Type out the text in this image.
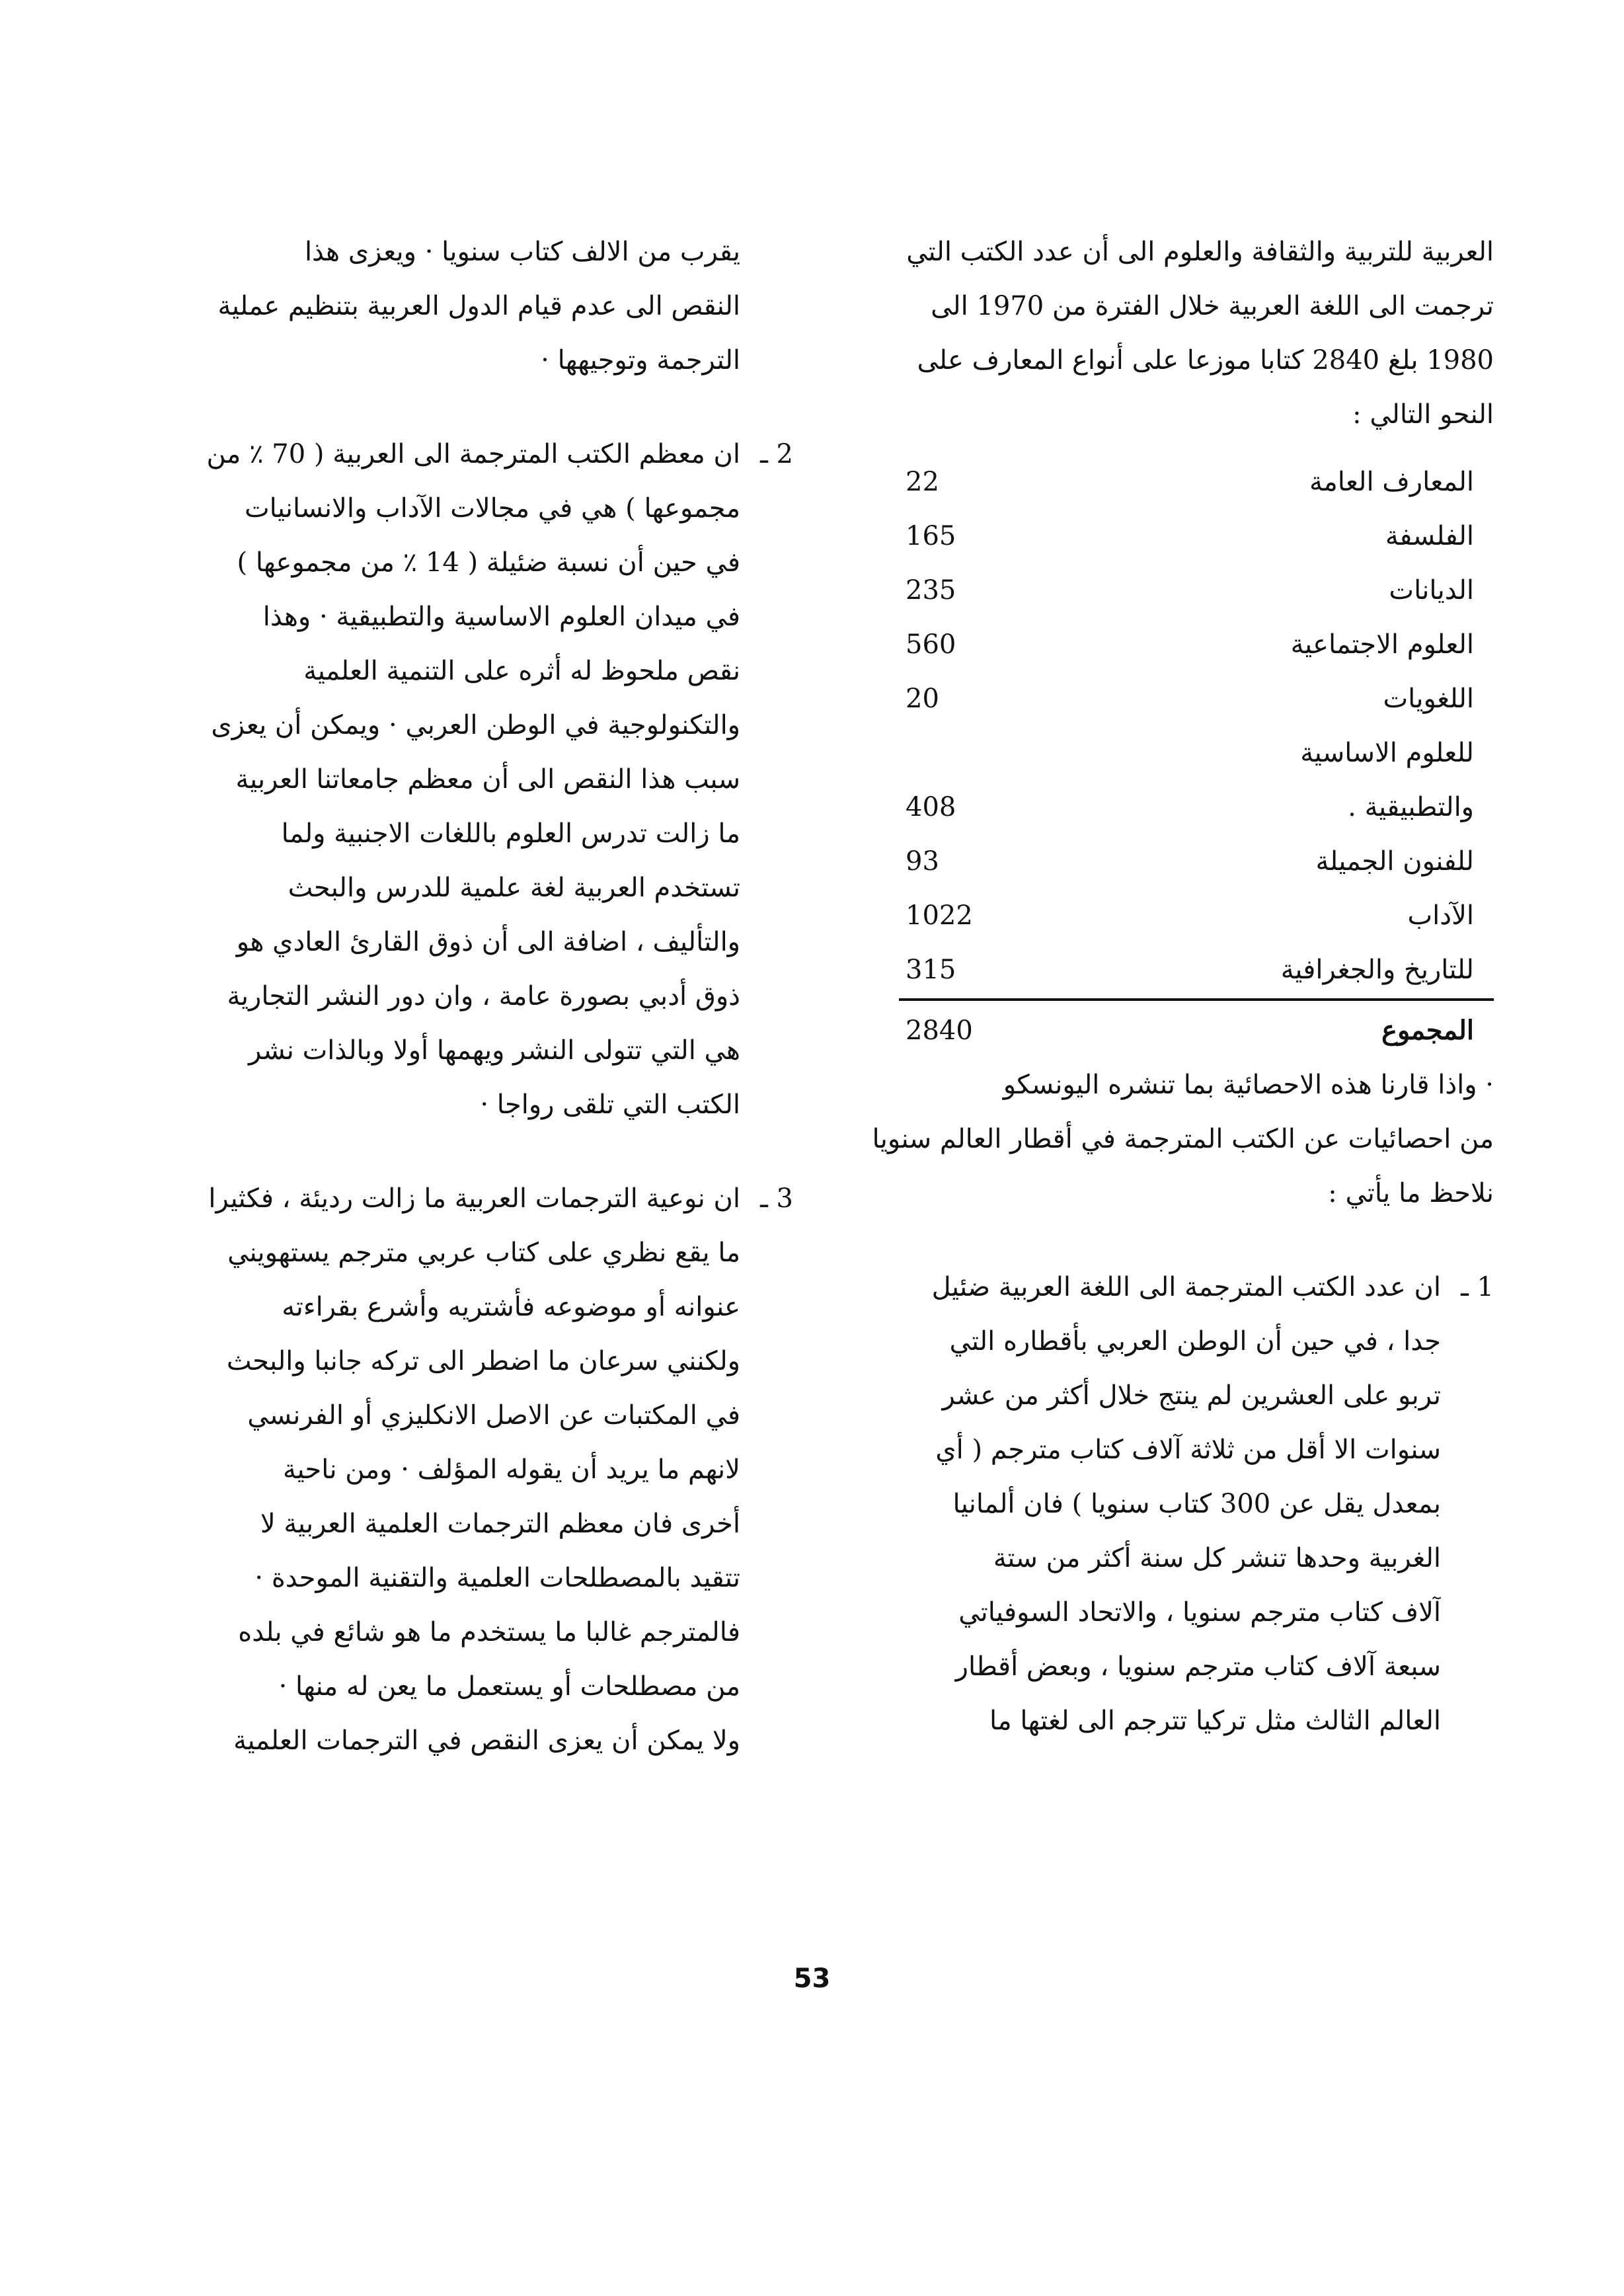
العربية للتربية والثقافة والعلوم الى أن عدد الكتب التي
ترجمت الى اللغة العربية خلال الفترة من 1970 الى
1980 بلغ 2840 كتابا موزعا على أنواع المعارف على
النحو التالي :
المعارف العامة
22
الفلسفة
165
الديانات
235
العلوم الاجتماعية
560
اللغويات
20
للعلوم الاساسية
والتطبيقية .
408
للفنون الجميلة
93
الآداب
1022
للتاريخ والجغرافية
315
المجموع
2840
· واذا قارنا هذه الاحصائية بما تنشره اليونسكو
من احصائيات عن الكتب المترجمة في أقطار العالم سنويا
نلاحظ ما يأتي :
1 ـ
ان عدد الكتب المترجمة الى اللغة العربية ضئيل
جدا ، في حين أن الوطن العربي بأقطاره التي
تربو على العشرين لم ينتج خلال أكثر من عشر
سنوات الا أقل من ثلاثة آلاف كتاب مترجم ( أي
بمعدل يقل عن 300 كتاب سنويا ) فان ألمانيا
الغربية وحدها تنشر كل سنة أكثر من ستة
آلاف كتاب مترجم سنويا ، والاتحاد السوفياتي
سبعة آلاف كتاب مترجم سنويا ، وبعض أقطار
العالم الثالث مثل تركيا تترجم الى لغتها ما
يقرب من الالف كتاب سنويا · ويعزى هذا
النقص الى عدم قيام الدول العربية بتنظيم عملية
الترجمة وتوجيهها ·
2 ـ
ان معظم الكتب المترجمة الى العربية ( 70 ٪ من
مجموعها ) هي في مجالات الآداب والانسانيات
في حين أن نسبة ضئيلة ( 14 ٪ من مجموعها )
في ميدان العلوم الاساسية والتطبيقية · وهذا
نقص ملحوظ له أثره على التنمية العلمية
والتكنولوجية في الوطن العربي · ويمكن أن يعزى
سبب هذا النقص الى أن معظم جامعاتنا العربية
ما زالت تدرس العلوم باللغات الاجنبية ولما
تستخدم العربية لغة علمية للدرس والبحث
والتأليف ، اضافة الى أن ذوق القارئ العادي هو
ذوق أدبي بصورة عامة ، وان دور النشر التجارية
هي التي تتولى النشر ويهمها أولا وبالذات نشر
الكتب التي تلقى رواجا ·
3 ـ
ان نوعية الترجمات العربية ما زالت رديئة ، فكثيرا
ما يقع نظري على كتاب عربي مترجم يستهويني
عنوانه أو موضوعه فأشتريه وأشرع بقراءته
ولكنني سرعان ما اضطر الى تركه جانبا والبحث
في المكتبات عن الاصل الانكليزي أو الفرنسي
لانهم ما يريد أن يقوله المؤلف · ومن ناحية
أخرى فان معظم الترجمات العلمية العربية لا
تتقيد بالمصطلحات العلمية والتقنية الموحدة ·
فالمترجم غالبا ما يستخدم ما هو شائع في بلده
من مصطلحات أو يستعمل ما يعن له منها ·
ولا يمكن أن يعزى النقص في الترجمات العلمية
53
